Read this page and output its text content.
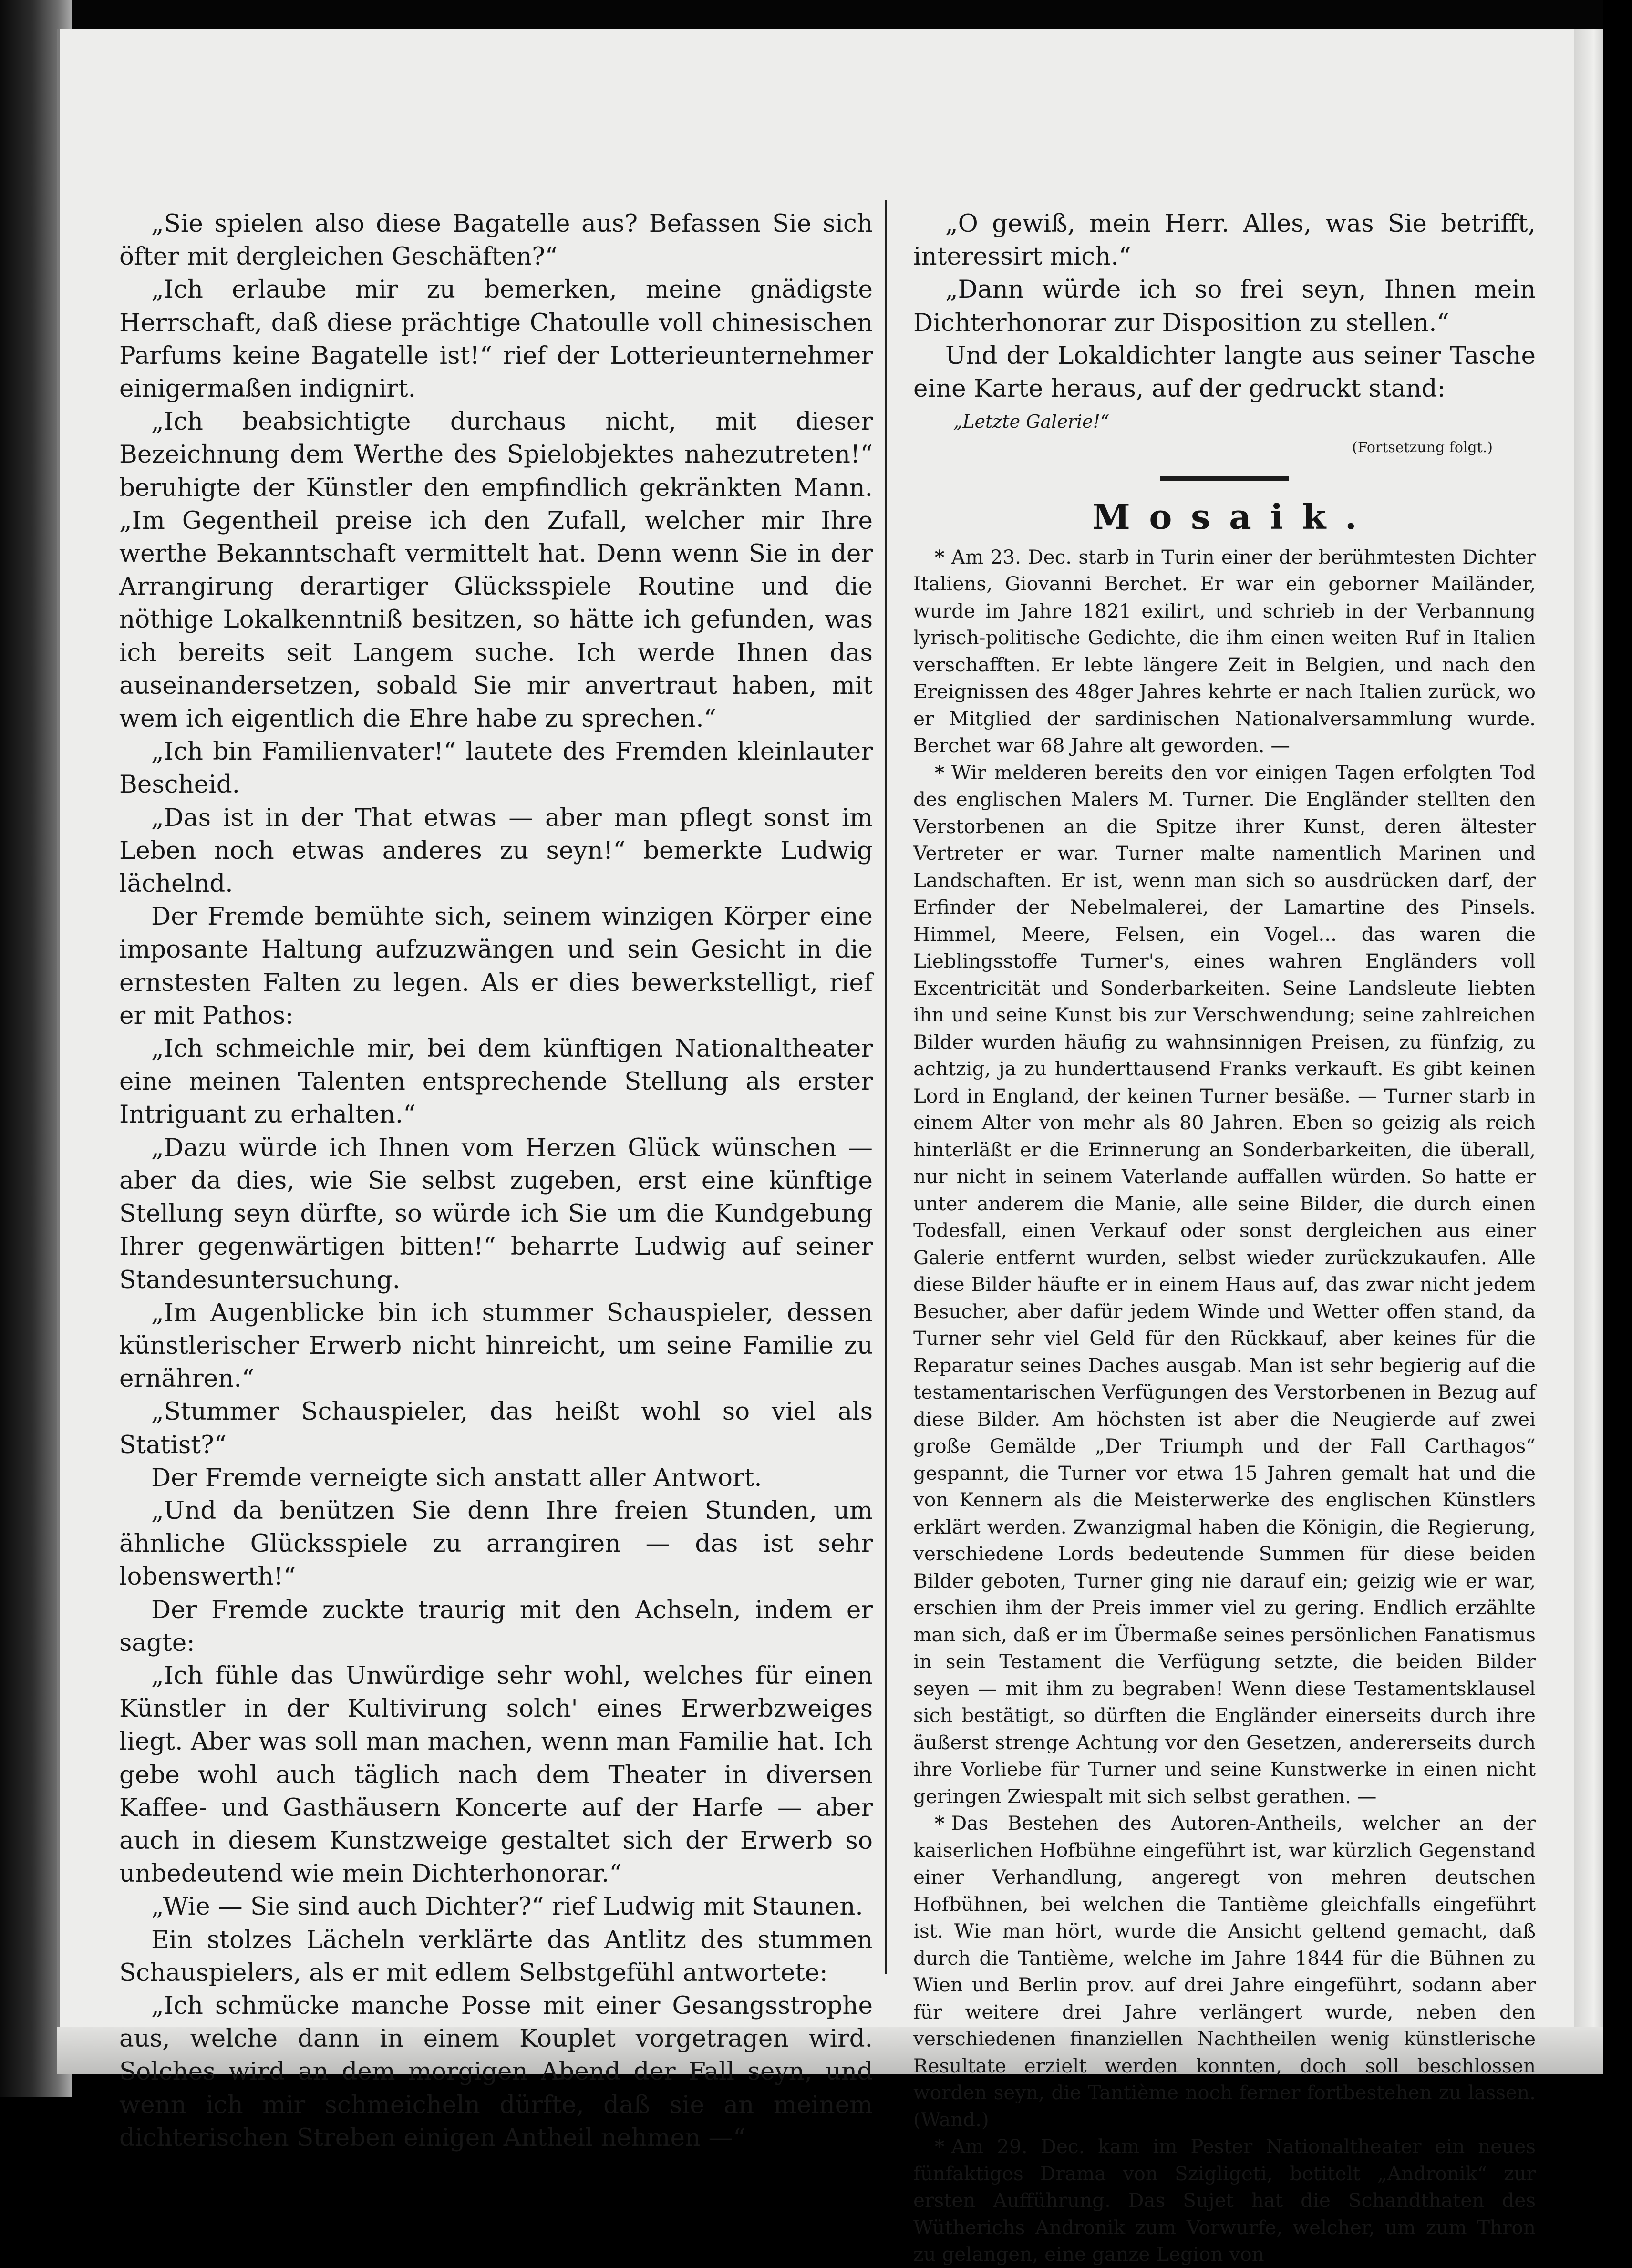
„Sie spielen also diese Bagatelle aus? Befassen Sie sich öfter mit dergleichen Geschäften?“

„Ich erlaube mir zu bemerken, meine gnädigste Herrschaft, daß diese prächtige Chatoulle voll chinesischen Parfums keine Bagatelle ist!“ rief der Lotterieunternehmer einigermaßen indignirt.

„Ich beabsichtigte durchaus nicht, mit dieser Bezeichnung dem Werthe des Spielobjektes nahezutreten!“ beruhigte der Künstler den empfindlich gekränkten Mann. „Im Gegentheil preise ich den Zufall, welcher mir Ihre werthe Bekanntschaft vermittelt hat. Denn wenn Sie in der Arrangirung derartiger Glücksspiele Routine und die nöthige Lokalkenntniß besitzen, so hätte ich gefunden, was ich bereits seit Langem suche. Ich werde Ihnen das auseinandersetzen, sobald Sie mir anvertraut haben, mit wem ich eigentlich die Ehre habe zu sprechen.“

„Ich bin Familienvater!“ lautete des Fremden kleinlauter Bescheid.

„Das ist in der That etwas — aber man pflegt sonst im Leben noch etwas anderes zu seyn!“ bemerkte Ludwig lächelnd.

Der Fremde bemühte sich, seinem winzigen Körper eine imposante Haltung aufzuzwängen und sein Gesicht in die ernstesten Falten zu legen. Als er dies bewerkstelligt, rief er mit Pathos:

„Ich schmeichle mir, bei dem künftigen Nationaltheater eine meinen Talenten entsprechende Stellung als erster Intriguant zu erhalten.“

„Dazu würde ich Ihnen vom Herzen Glück wünschen — aber da dies, wie Sie selbst zugeben, erst eine künftige Stellung seyn dürfte, so würde ich Sie um die Kundgebung Ihrer gegenwärtigen bitten!“ beharrte Ludwig auf seiner Standesuntersuchung.

„Im Augenblicke bin ich stummer Schauspieler, dessen künstlerischer Erwerb nicht hinreicht, um seine Familie zu ernähren.“

„Stummer Schauspieler, das heißt wohl so viel als Statist?“

Der Fremde verneigte sich anstatt aller Antwort.

„Und da benützen Sie denn Ihre freien Stunden, um ähnliche Glücksspiele zu arrangiren — das ist sehr lobenswerth!“

Der Fremde zuckte traurig mit den Achseln, indem er sagte:

„Ich fühle das Unwürdige sehr wohl, welches für einen Künstler in der Kultivirung solch' eines Erwerbzweiges liegt. Aber was soll man machen, wenn man Familie hat. Ich gebe wohl auch täglich nach dem Theater in diversen Kaffee- und Gasthäusern Koncerte auf der Harfe — aber auch in diesem Kunstzweige gestaltet sich der Erwerb so unbedeutend wie mein Dichterhonorar.“

„Wie — Sie sind auch Dichter?“ rief Ludwig mit Staunen.

Ein stolzes Lächeln verklärte das Antlitz des stummen Schauspielers, als er mit edlem Selbstgefühl antwortete:

„Ich schmücke manche Posse mit einer Gesangsstrophe aus, welche dann in einem Kouplet vorgetragen wird. Solches wird an dem morgigen Abend der Fall seyn, und wenn ich mir schmeicheln dürfte, daß sie an meinem dichterischen Streben einigen Antheil nehmen —“

„O gewiß, mein Herr. Alles, was Sie betrifft, interessirt mich.“

„Dann würde ich so frei seyn, Ihnen mein Dichterhonorar zur Disposition zu stellen.“

Und der Lokaldichter langte aus seiner Tasche eine Karte heraus, auf der gedruckt stand:

„Letzte Galerie!“

(Fortsetzung folgt.)

Mosaik.

* Am 23. Dec. starb in Turin einer der berühmtesten Dichter Italiens, Giovanni Berchet. Er war ein geborner Mailänder, wurde im Jahre 1821 exilirt, und schrieb in der Verbannung lyrisch-politische Gedichte, die ihm einen weiten Ruf in Italien verschafften. Er lebte längere Zeit in Belgien, und nach den Ereignissen des 48ger Jahres kehrte er nach Italien zurück, wo er Mitglied der sardinischen Nationalversammlung wurde. Berchet war 68 Jahre alt geworden. —

* Wir melderen bereits den vor einigen Tagen erfolgten Tod des englischen Malers M. Turner. Die Engländer stellten den Verstorbenen an die Spitze ihrer Kunst, deren ältester Vertreter er war. Turner malte namentlich Marinen und Landschaften. Er ist, wenn man sich so ausdrücken darf, der Erfinder der Nebelmalerei, der Lamartine des Pinsels. Himmel, Meere, Felsen, ein Vogel... das waren die Lieblingsstoffe Turner's, eines wahren Engländers voll Excentricität und Sonderbarkeiten. Seine Landsleute liebten ihn und seine Kunst bis zur Verschwendung; seine zahlreichen Bilder wurden häufig zu wahnsinnigen Preisen, zu fünfzig, zu achtzig, ja zu hunderttausend Franks verkauft. Es gibt keinen Lord in England, der keinen Turner besäße. — Turner starb in einem Alter von mehr als 80 Jahren. Eben so geizig als reich hinterläßt er die Erinnerung an Sonderbarkeiten, die überall, nur nicht in seinem Vaterlande auffallen würden. So hatte er unter anderem die Manie, alle seine Bilder, die durch einen Todesfall, einen Verkauf oder sonst dergleichen aus einer Galerie entfernt wurden, selbst wieder zurückzukaufen. Alle diese Bilder häufte er in einem Haus auf, das zwar nicht jedem Besucher, aber dafür jedem Winde und Wetter offen stand, da Turner sehr viel Geld für den Rückkauf, aber keines für die Reparatur seines Daches ausgab. Man ist sehr begierig auf die testamentarischen Verfügungen des Verstorbenen in Bezug auf diese Bilder. Am höchsten ist aber die Neugierde auf zwei große Gemälde „Der Triumph und der Fall Carthagos“ gespannt, die Turner vor etwa 15 Jahren gemalt hat und die von Kennern als die Meisterwerke des englischen Künstlers erklärt werden. Zwanzigmal haben die Königin, die Regierung, verschiedene Lords bedeutende Summen für diese beiden Bilder geboten, Turner ging nie darauf ein; geizig wie er war, erschien ihm der Preis immer viel zu gering. Endlich erzählte man sich, daß er im Übermaße seines persönlichen Fanatismus in sein Testament die Verfügung setzte, die beiden Bilder seyen — mit ihm zu begraben! Wenn diese Testamentsklausel sich bestätigt, so dürften die Engländer einerseits durch ihre äußerst strenge Achtung vor den Gesetzen, andererseits durch ihre Vorliebe für Turner und seine Kunstwerke in einen nicht geringen Zwiespalt mit sich selbst gerathen. —

* Das Bestehen des Autoren-Antheils, welcher an der kaiserlichen Hofbühne eingeführt ist, war kürzlich Gegenstand einer Verhandlung, angeregt von mehren deutschen Hofbühnen, bei welchen die Tantième gleichfalls eingeführt ist. Wie man hört, wurde die Ansicht geltend gemacht, daß durch die Tantième, welche im Jahre 1844 für die Bühnen zu Wien und Berlin prov. auf drei Jahre eingeführt, sodann aber für weitere drei Jahre verlängert wurde, neben den verschiedenen finanziellen Nachtheilen wenig künstlerische Resultate erzielt werden konnten, doch soll beschlossen worden seyn, die Tantième noch ferner fortbestehen zu lassen. (Wand.)

* Am 29. Dec. kam im Pester Nationaltheater ein neues fünfaktiges Drama von Szigligeti, betitelt „Andronik“ zur ersten Aufführung. Das Sujet hat die Schandthaten des Wütherichs Andronik zum Vorwurfe, welcher, um zum Thron zu gelangen, eine ganze Legion von
